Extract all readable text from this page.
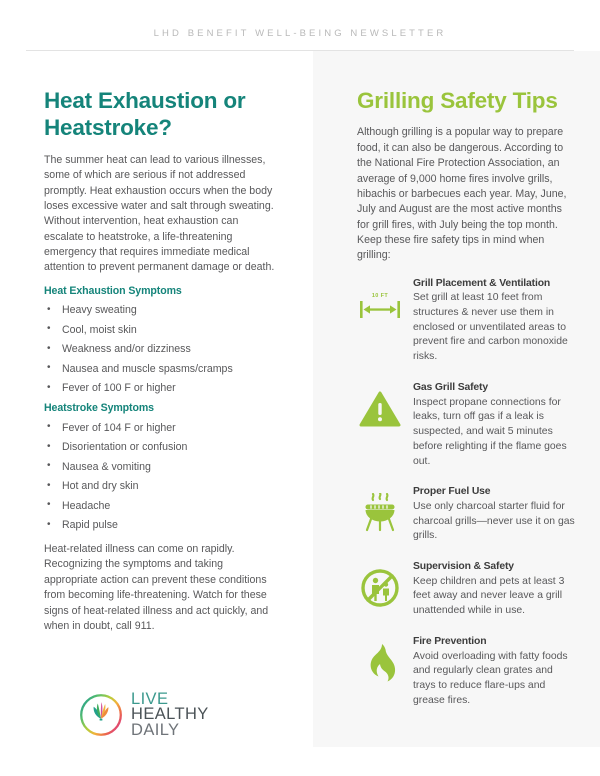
LHD BENEFIT WELL-BEING NEWSLETTER
Heat Exhaustion or Heatstroke?

The summer heat can lead to various illnesses, some of which are serious if not addressed promptly. Heat exhaustion occurs when the body loses excessive water and salt through sweating. Without intervention, heat exhaustion can escalate to heatstroke, a life-threatening emergency that requires immediate medical attention to prevent permanent damage or death.

Heat Exhaustion Symptoms
• Heavy sweating
• Cool, moist skin
• Weakness and/or dizziness
• Nausea and muscle spasms/cramps
• Fever of 100 F or higher
Heatstroke Symptoms
• Fever of 104 F or higher
• Disorientation or confusion
• Nausea & vomiting
• Hot and dry skin
• Headache
• Rapid pulse

Heat-related illness can come on rapidly. Recognizing the symptoms and taking appropriate action can prevent these conditions from becoming life-threatening. Watch for these signs of heat-related illness and act quickly, and when in doubt, call 911.

Grilling Safety Tips

Although grilling is a popular way to prepare food, it can also be dangerous. According to the National Fire Protection Association, an average of 9,000 home fires involve grills, hibachis or barbecues each year. May, June, July and August are the most active months for grill fires, with July being the top month. Keep these fire safety tips in mind when grilling:

10 FT
Grill Placement & Ventilation
Set grill at least 10 feet from structures & never use them in enclosed or unventilated areas to prevent fire and carbon monoxide risks.
Gas Grill Safety
Inspect propane connections for leaks, turn off gas if a leak is suspected, and wait 5 minutes before relighting if the flame goes out.
Proper Fuel Use
Use only charcoal starter fluid for charcoal grills—never use it on gas grills.
Supervision & Safety
Keep children and pets at least 3 feet away and never leave a grill unattended while in use.
Fire Prevention
Avoid overloading with fatty foods and regularly clean grates and trays to reduce flare-ups and grease fires.
LIVE
HEALTHY
DAILY
